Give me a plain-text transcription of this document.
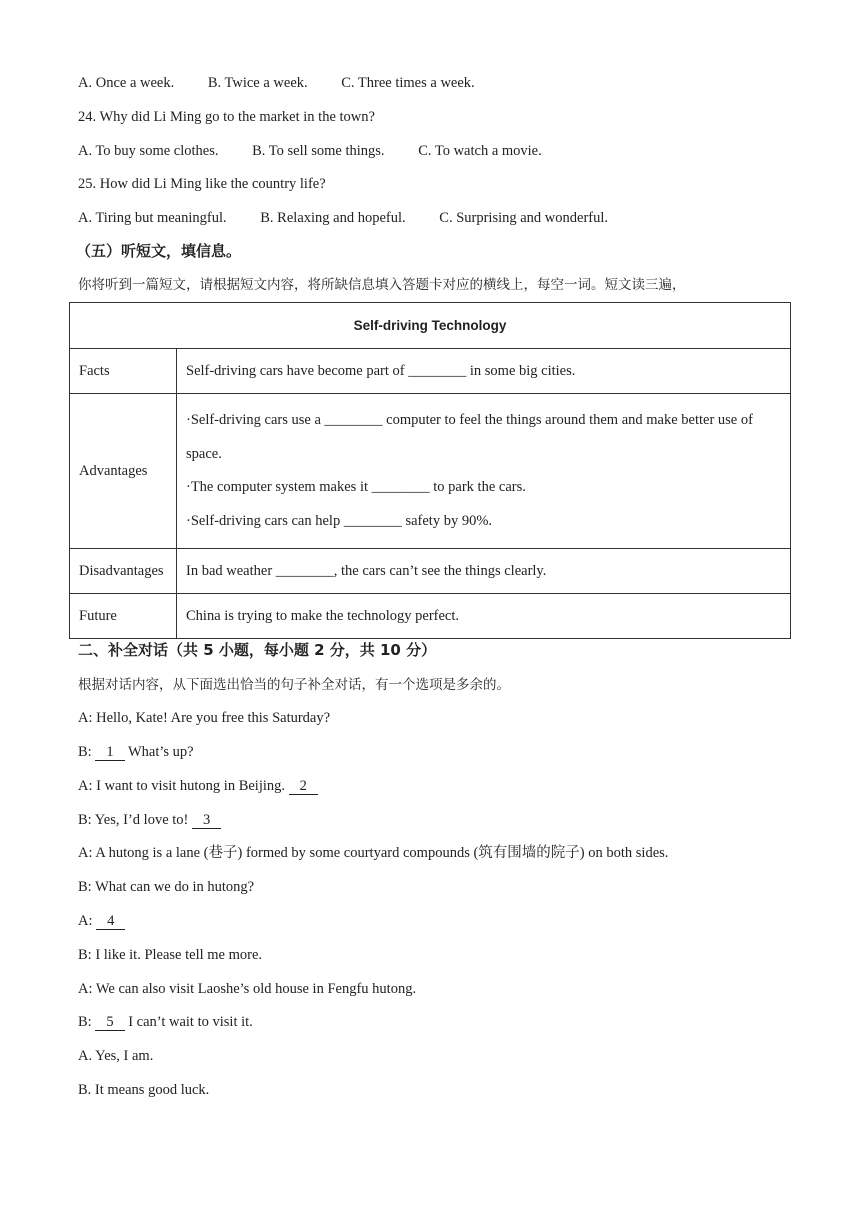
A. Once a week. B. Twice a week. C. Three times a week.
24. Why did Li Ming go to the market in the town?
A. To buy some clothes. B. To sell some things. C. To watch a movie.
25. How did Li Ming like the country life?
A. Tiring but meaningful. B. Relaxing and hopeful. C. Surprising and wonderful.
（五）听短文，填信息。
你将听到一篇短文，请根据短文内容，将所缺信息填入答题卡对应的横线上，每空一词。短文读三遍，
Self-driving Technology	
Facts	Self-driving cars have become part of ________ in some big cities.
Advantages	·Self-driving cars use a ________ computer to feel the things around them and make better use of
space.
·The computer system makes it ________ to park the cars.
·Self-driving cars can help ________ safety by 90%.

Disadvantages	In bad weather ________, the cars can’t see the things clearly.
Future	China is trying to make the technology perfect.
二、补全对话（共 5 小题，每小题 2 分，共 10 分）
根据对话内容，从下面选出恰当的句子补全对话，有一个选项是多余的。
A: Hello, Kate! Are you free this Saturday?
B: 1 What’s up?
A: I want to visit hutong in Beijing. 2
B: Yes, I’d love to! 3
A: A hutong is a lane (巷子) formed by some courtyard compounds (筑有围墙的院子) on both sides.
B: What can we do in hutong?
A: 4
B: I like it. Please tell me more.
A: We can also visit Laoshe’s old house in Fengfu hutong.
B: 5 I can’t wait to visit it.
A. Yes, I am.
B. It means good luck.
